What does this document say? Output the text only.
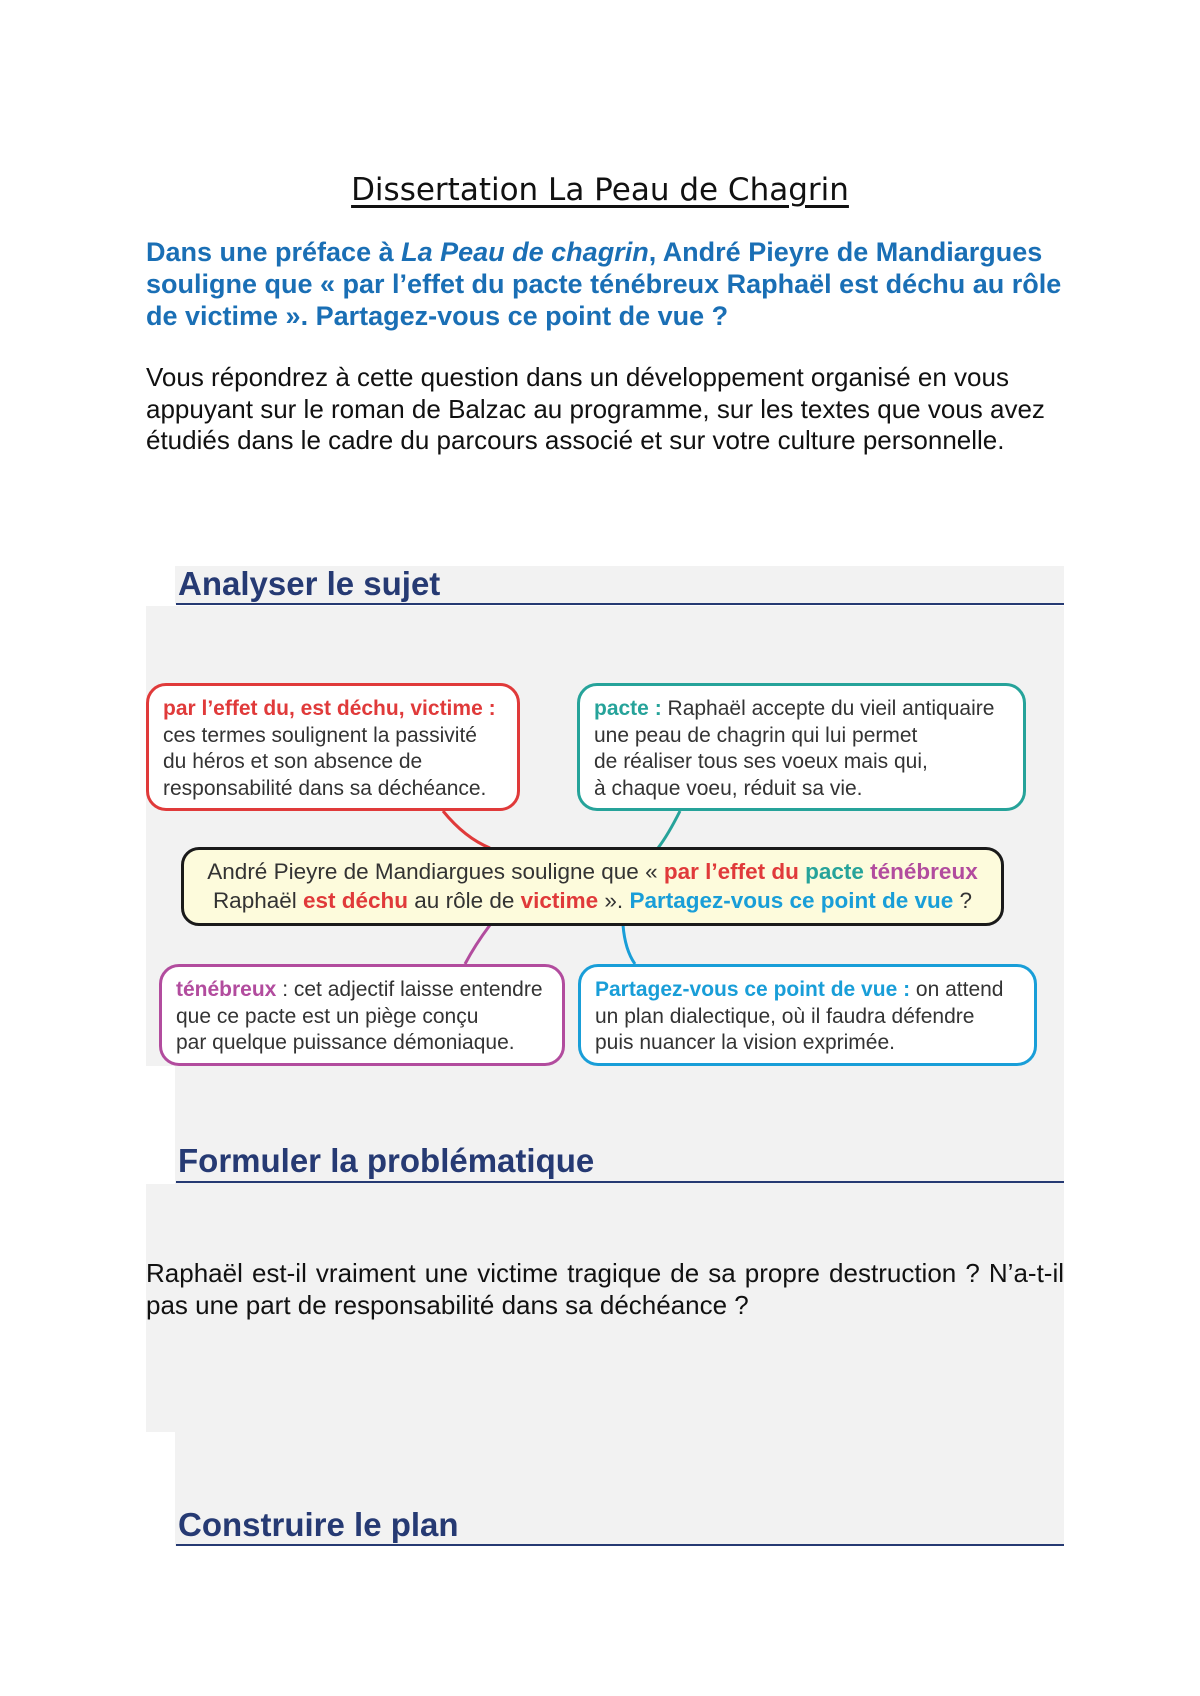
Dissertation La Peau de Chagrin
Dans une préface à La Peau de chagrin, André Pieyre de Mandiargues souligne que « par l’effet du pacte ténébreux Raphaël est déchu au rôle de victime ». Partagez-vous ce point de vue ?
Vous répondrez à cette question dans un développement organisé en vous appuyant sur le roman de Balzac au programme, sur les textes que vous avez étudiés dans le cadre du parcours associé et sur votre culture personnelle.
Analyser le sujet
par l’effet du, est déchu, victime :
ces termes soulignent la passivité
du héros et son absence de
responsabilité dans sa déchéance.
pacte : Raphaël accepte du vieil antiquaire
une peau de chagrin qui lui permet
de réaliser tous ses voeux mais qui,
à chaque voeu, réduit sa vie.
André Pieyre de Mandiargues souligne que « par l’effet du pacte ténébreux
Raphaël est déchu au rôle de victime ». Partagez-vous ce point de vue ?
ténébreux : cet adjectif laisse entendre
que ce pacte est un piège conçu
par quelque puissance démoniaque.
Partagez-vous ce point de vue : on attend
un plan dialectique, où il faudra défendre
puis nuancer la vision exprimée.
Formuler la problématique
Raphaël est-il vraiment une victime tragique de sa propre destruction ? N’a-t-il pas une part de responsabilité dans sa déchéance ?
Construire le plan
